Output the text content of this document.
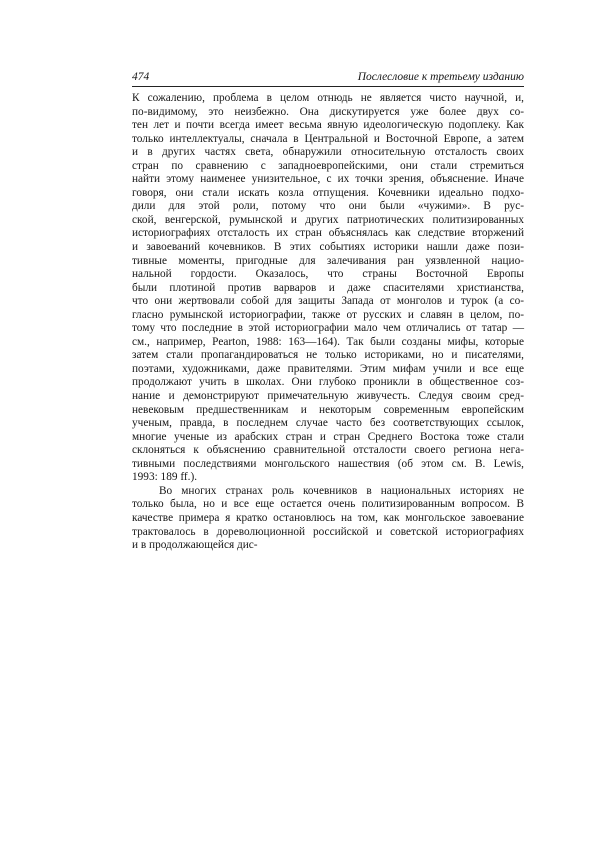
474	Послесловие к третьему изданию
К сожалению, проблема в целом отнюдь не является чисто научной, и,
по-видимому, это неизбежно. Она дискутируется уже более двух со-
тен лет и почти всегда имеет весьма явную идеологическую подоплеку. Как
только интеллектуалы, сначала в Центральной и Восточной Европе, а затем
и в других частях света, обнаружили относительную отсталость своих
стран по сравнению с западноевропейскими, они стали стремиться
найти этому наименее унизительное, с их точки зрения, объяснение. Иначе
говоря, они стали искать козла отпущения. Кочевники идеально подхо-
дили для этой роли, потому что они были «чужими». В рус-
ской, венгерской, румынской и других патриотических политизированных
историографиях отсталость их стран объяснялась как следствие вторжений
и завоеваний кочевников. В этих событиях историки нашли даже пози-
тивные моменты, пригодные для залечивания ран уязвленной нацио-
нальной гордости. Оказалось, что страны Восточной Европы
были плотиной против варваров и даже спасителями христианства,
что они жертвовали собой для защиты Запада от монголов и турок (а со-
гласно румынской историографии, также от русских и славян в целом, по-
тому что последние в этой историографии мало чем отличались от татар —
см., например, Pearton, 1988: 163—164). Так были созданы мифы, которые
затем стали пропагандироваться не только историками, но и писателями,
поэтами, художниками, даже правителями. Этим мифам учили и все еще
продолжают учить в школах. Они глубоко проникли в общественное соз-
нание и демонстрируют примечательную живучесть. Следуя своим сред-
невековым предшественникам и некоторым современным европейским
ученым, правда, в последнем случае часто без соответствующих ссылок,
многие ученые из арабских стран и стран Среднего Востока тоже стали
склоняться к объяснению сравнительной отсталости своего региона нега-
тивными последствиями монгольского нашествия (об этом см. B. Lewis,
1993: 189 ff.).
Во многих странах роль кочевников в национальных историях не
только была, но и все еще остается очень политизированным вопросом. В
качестве примера я кратко остановлюсь на том, как монгольское завоевание
трактовалось в дореволюционной российской и советской историографиях
и в продолжающейся дис-
